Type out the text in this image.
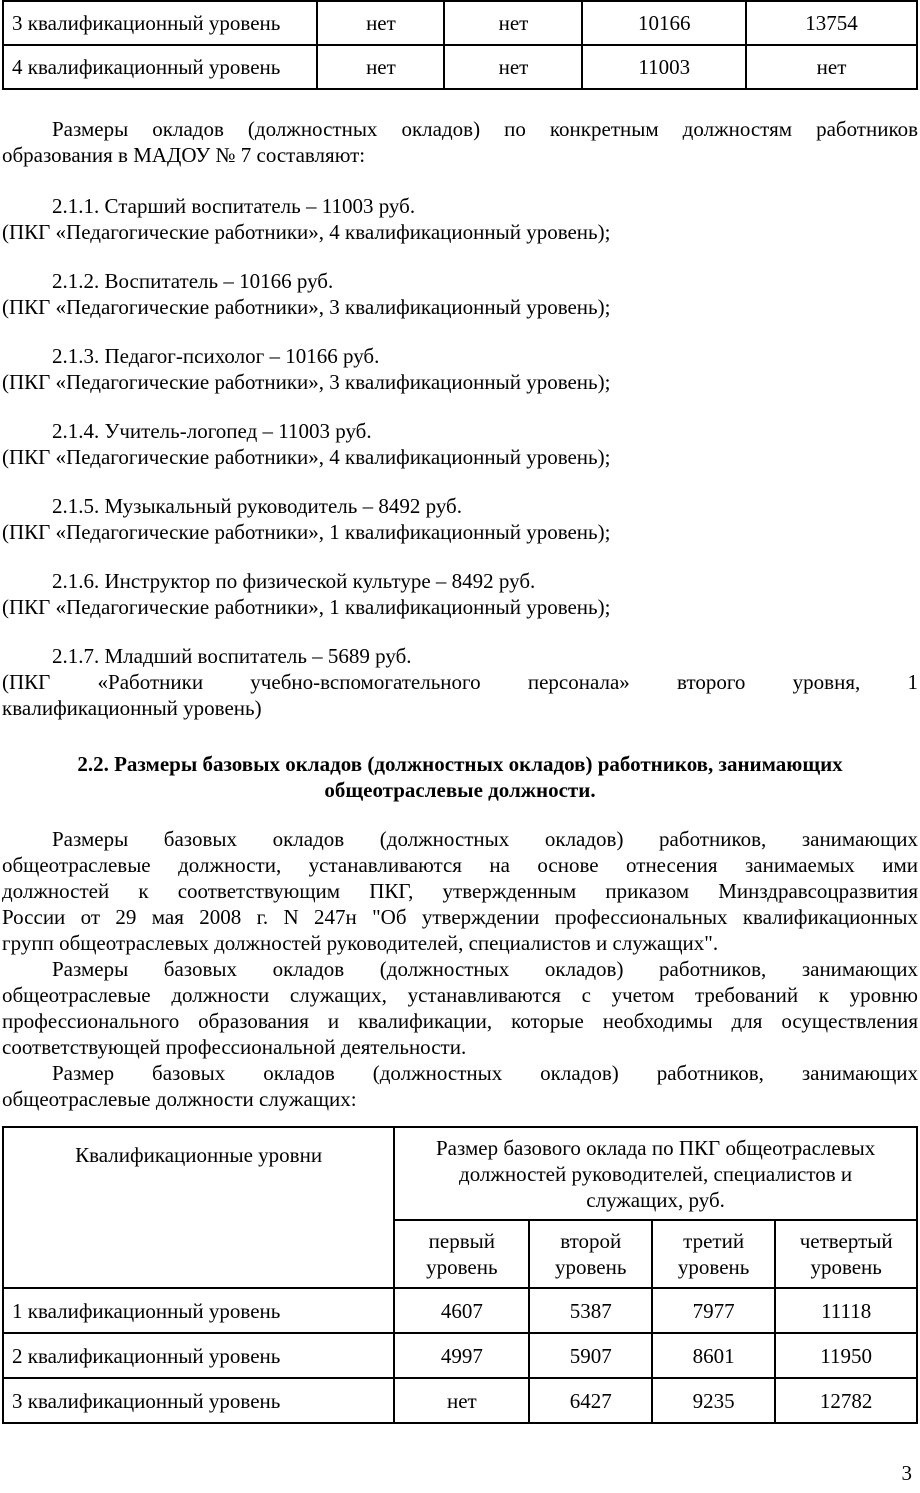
3 квалификационный уровень	нет	нет	10166	13754
4 квалификационный уровень	нет	нет	11003	нет
Размеры окладов (должностных окладов) по конкретным должностям работников
образования в МАДОУ № 7 составляют:
2.1.1. Старший воспитатель – 11003 руб.
(ПКГ «Педагогические работники», 4 квалификационный уровень);
2.1.2. Воспитатель – 10166 руб.
(ПКГ «Педагогические работники», 3 квалификационный уровень);
2.1.3. Педагог-психолог – 10166 руб.
(ПКГ «Педагогические работники», 3 квалификационный уровень);
2.1.4. Учитель-логопед – 11003 руб.
(ПКГ «Педагогические работники», 4 квалификационный уровень);
2.1.5. Музыкальный руководитель – 8492 руб.
(ПКГ «Педагогические работники», 1 квалификационный уровень);
2.1.6. Инструктор по физической культуре – 8492 руб.
(ПКГ «Педагогические работники», 1 квалификационный уровень);
2.1.7. Младший воспитатель – 5689 руб.
(ПКГ «Работники учебно-вспомогательного персонала» второго уровня, 1
квалификационный уровень)
2.2. Размеры базовых окладов (должностных окладов) работников, занимающих
общеотраслевые должности.
Размеры базовых окладов (должностных окладов) работников, занимающих
общеотраслевые должности, устанавливаются на основе отнесения занимаемых ими
должностей к соответствующим ПКГ, утвержденным приказом Минздравсоцразвития
России от 29 мая 2008 г. N 247н "Об утверждении профессиональных квалификационных
групп общеотраслевых должностей руководителей, специалистов и служащих".
Размеры базовых окладов (должностных окладов) работников, занимающих
общеотраслевые должности служащих, устанавливаются с учетом требований к уровню
профессионального образования и квалификации, которые необходимы для осуществления
соответствующей профессиональной деятельности.
Размер базовых окладов (должностных окладов) работников, занимающих
общеотраслевые должности служащих:
Квалификационные уровни	Размер базового оклада по ПКГ общеотраслевых должностей руководителей, специалистов и служащих, руб.			
	первый уровень	второй уровень	третий уровень	четвертый уровень
1 квалификационный уровень	4607	5387	7977	11118
2 квалификационный уровень	4997	5907	8601	11950
3 квалификационный уровень	нет	6427	9235	12782
3
